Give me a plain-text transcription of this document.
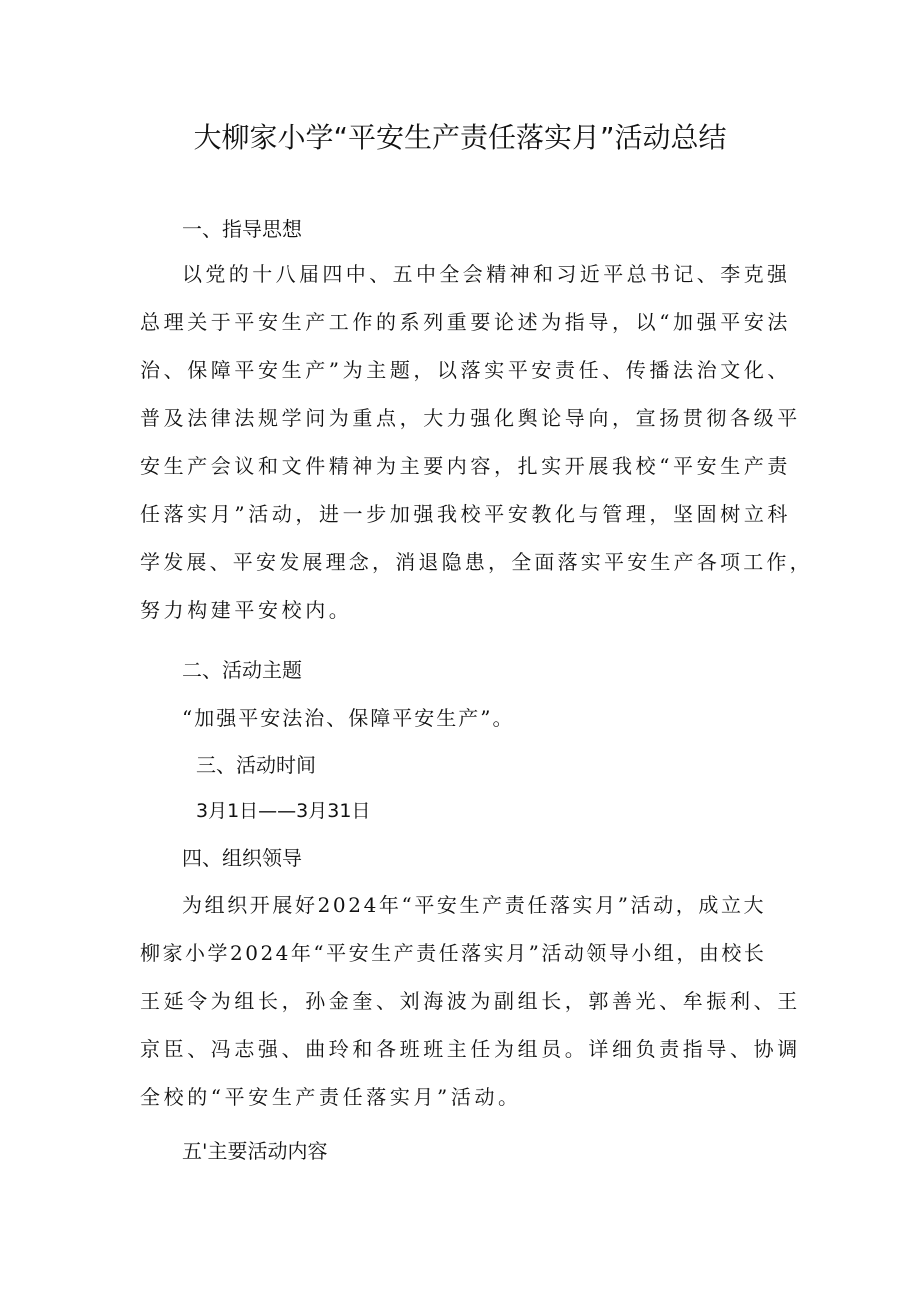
大柳家小学“平安生产责任落实月”活动总结
一、指导思想
以党的十八届四中、五中全会精神和习近平总书记、李克强
总理关于平安生产工作的系列重要论述为指导，以“加强平安法
治、保障平安生产”为主题，以落实平安责任、传播法治文化、
普及法律法规学问为重点，大力强化舆论导向，宣扬贯彻各级平
安生产会议和文件精神为主要内容，扎实开展我校“平安生产责
任落实月”活动，进一步加强我校平安教化与管理，坚固树立科
学发展、平安发展理念，消退隐患，全面落实平安生产各项工作，
努力构建平安校内。
二、活动主题
“加强平安法治、保障平安生产”。
三、活动时间
3月1日——3月31日
四、组织领导
为组织开展好2024年“平安生产责任落实月”活动，成立大
柳家小学2024年“平安生产责任落实月”活动领导小组，由校长
王延令为组长，孙金奎、刘海波为副组长，郭善光、牟振利、王
京臣、冯志强、曲玲和各班班主任为组员。详细负责指导、协调
全校的“平安生产责任落实月”活动。
五'主要活动内容
